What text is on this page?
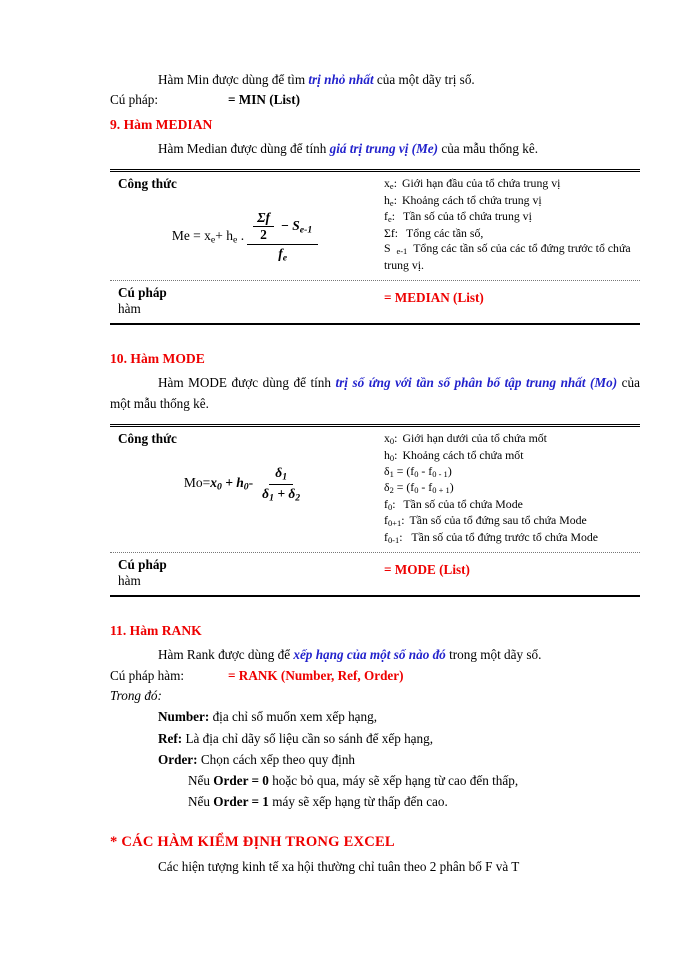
Hàm Min được dùng để tìm trị nhỏ nhất của một dãy trị số.

Cú pháp:	= MIN (List)

9. Hàm MEDIAN

Hàm Median được dùng để tính giá trị trung vị (Me) của mẫu thống kê.

Công thức
$Me = x_e+ h_e$ . $\frac{\frac{\Sigma f}{2} - S_{e-1}}{f_e}$
$x_e$: Giới hạn đầu của tổ chứa trung vị
$h_e$: Khoảng cách tổ chứa trung vị
$f_e$: Tần số của tổ chứa trung vị
Σf: Tổng các tần số,
S  $_{e-1}$  Tổng các tần số của các tổ đứng trước tổ chứa trung vị.
Cú pháp
hàm
= MEDIAN (List)

10. Hàm MODE

Hàm MODE được dùng để tính trị số ứng với tần số phân bố tập trung nhất (Mo) của một mẫu thống kê.

Công thức
$Mo=x_0 + h_0- \frac{\delta_1}{\delta_1 + \delta_2}$
$x_0$: Giới hạn dưới của tổ chứa mốt
$h_0$: Khoảng cách tổ chứa mốt
$\delta_1 = (f_0 - f_{0 - 1})$
$\delta_2 = (f_0 - f_{0 + 1})$
$f_0$: Tần số của tổ chứa Mode
$f_{0+1}$: Tần số của tổ đứng sau tổ chứa Mode
$f_{0-1}$:   Tần số của tổ đứng trước tổ chứa Mode
Cú pháp
hàm
= MODE (List)

11. Hàm RANK

Hàm Rank được dùng để xếp hạng của một số nào đó trong một dãy số.

Cú pháp hàm:	= RANK (Number, Ref, Order)

Trong đó:

Number: địa chỉ số muốn xem xếp hạng,
Ref: Là địa chỉ dãy số liệu cần so sánh để xếp hạng,
Order: Chọn cách xếp theo quy định
Nếu Order = 0 hoặc bỏ qua, máy sẽ xếp hạng từ cao đến thấp,
Nếu Order = 1 máy sẽ xếp hạng từ thấp đến cao.

* CÁC HÀM KIỂM ĐỊNH TRONG EXCEL

Các hiện tượng kinh tế xa hội thường chỉ tuân theo 2 phân bố F và T
